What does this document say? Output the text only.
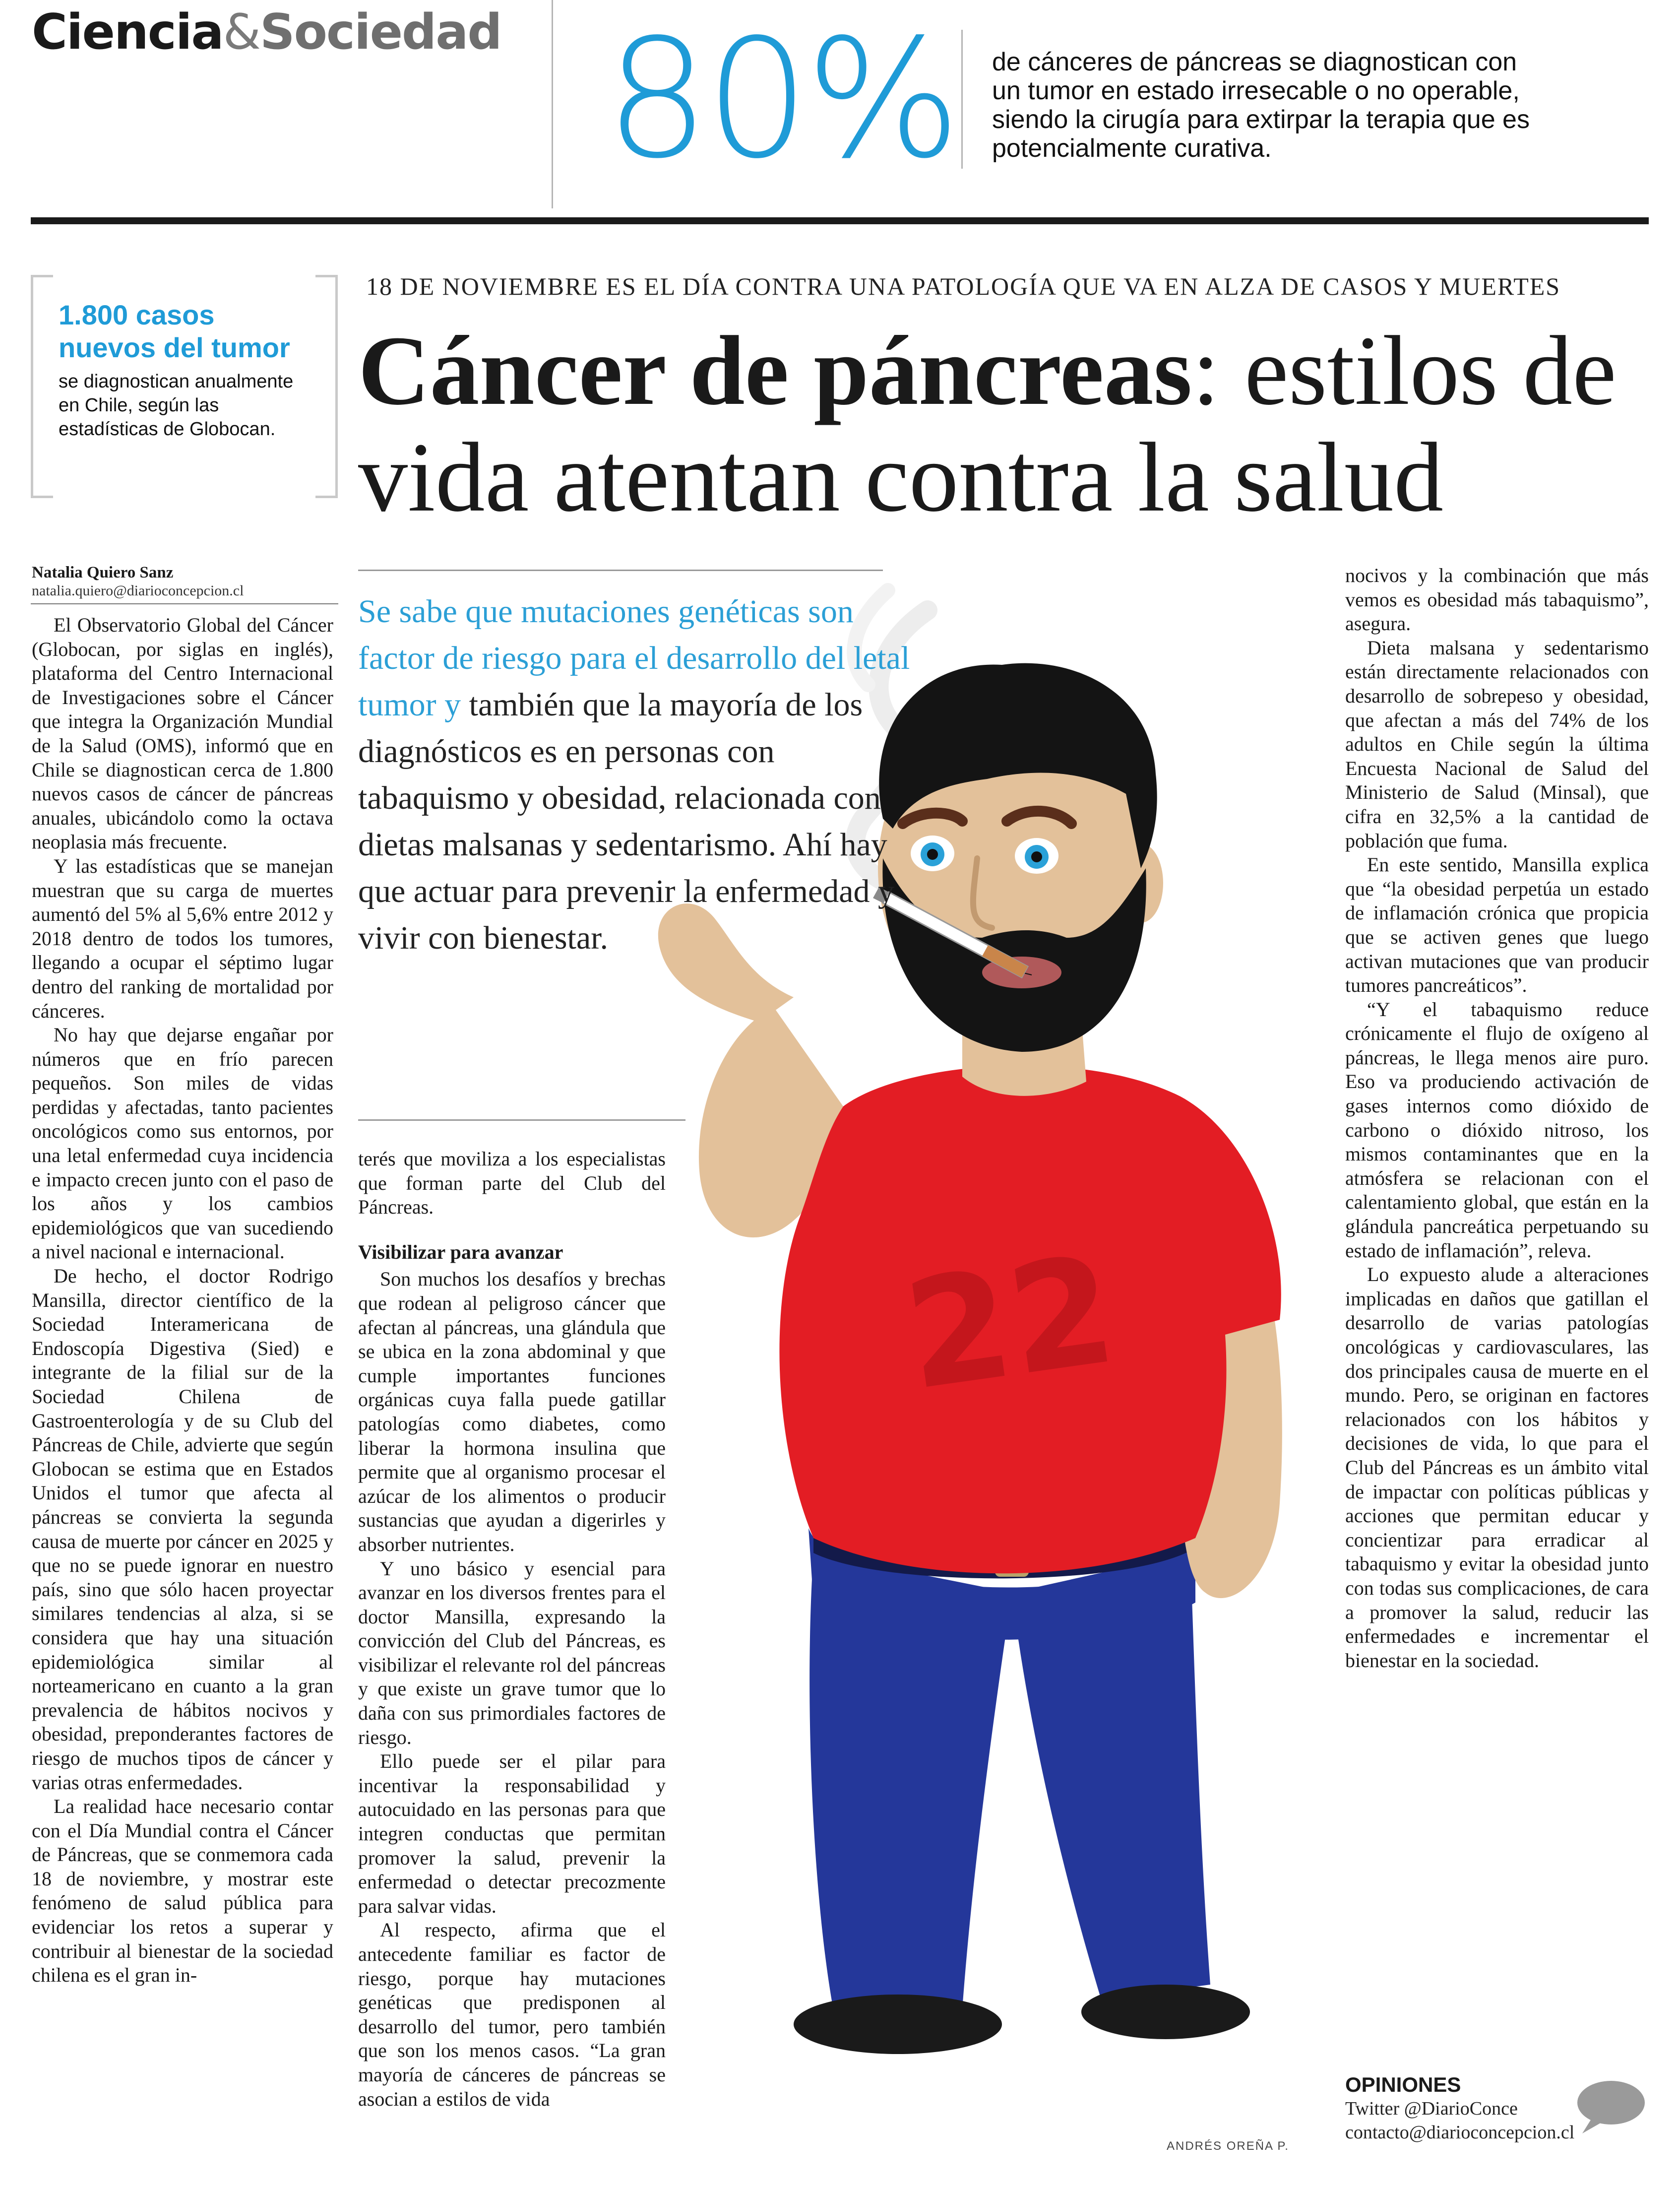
Ciencia&Sociedad 80% de cánceres de páncreas se diagnostican con un tumor en estado irresecable o no operable, siendo la cirugía para extirpar la terapia que es potencialmente curativa.
1.800 casos
nuevos del tumor
se diagnostican anualmente en Chile, según las estadísticas de Globocan.
18 DE NOVIEMBRE ES EL DÍA CONTRA UNA PATOLOGÍA QUE VA EN ALZA DE CASOS Y MUERTES
Cáncer de páncreas: estilos de vida atentan contra la salud
Natalia Quiero Sanz
natalia.quiero@diarioconcepcion.cl

El Observatorio Global del Cáncer (Globocan, por siglas en inglés), plataforma del Centro Internacional de Investigaciones sobre el Cáncer que integra la Organización Mundial de la Salud (OMS), informó que en Chile se diagnostican cerca de 1.800 nuevos casos de cáncer de páncreas anuales, ubicándolo como la octava neoplasia más frecuente.

Y las estadísticas que se manejan muestran que su carga de muertes aumentó del 5% al 5,6% entre 2012 y 2018 dentro de todos los tumores, llegando a ocupar el séptimo lugar dentro del ranking de mortalidad por cánceres.

No hay que dejarse engañar por números que en frío parecen pequeños. Son miles de vidas perdidas y afectadas, tanto pacientes oncológicos como sus entornos, por una letal enfermedad cuya incidencia e impacto crecen junto con el paso de los años y los cambios epidemiológicos que van sucediendo a nivel nacional e internacional.

De hecho, el doctor Rodrigo Mansilla, director científico de la Sociedad Interamericana de Endoscopía Digestiva (Sied) e integrante de la filial sur de la Sociedad Chilena de Gastroenterología y de su Club del Páncreas de Chile, advierte que según Globocan se estima que en Estados Unidos el tumor que afecta al páncreas se convierta la segunda causa de muerte por cáncer en 2025 y que no se puede ignorar en nuestro país, sino que sólo hacen proyectar similares tendencias al alza, si se considera que hay una situación epidemiológica similar al norteamericano en cuanto a la gran prevalencia de hábitos nocivos y obesidad, preponderantes factores de riesgo de muchos tipos de cáncer y varias otras enfermedades.

La realidad hace necesario contar con el Día Mundial contra el Cáncer de Páncreas, que se conmemora cada 18 de noviembre, y mostrar este fenómeno de salud pública para evidenciar los retos a superar y contribuir al bienestar de la sociedad chilena es el gran in-

22
Se sabe que mutaciones genéticas son factor de riesgo para el desarrollo del letal tumor y también que la mayoría de los diagnósticos es en personas con tabaquismo y obesidad, relacionada con dietas malsanas y sedentarismo. Ahí hay que actuar para prevenir la enfermedad y vivir con bienestar.

terés que moviliza a los especialistas que forman parte del Club del Páncreas.

Visibilizar para avanzar

Son muchos los desafíos y brechas que rodean al peligroso cáncer que afectan al páncreas, una glándula que se ubica en la zona abdominal y que cumple importantes funciones orgánicas cuya falla puede gatillar patologías como diabetes, como liberar la hormona insulina que permite que al organismo procesar el azúcar de los alimentos o producir sustancias que ayudan a digerirles y absorber nutrientes.

Y uno básico y esencial para avanzar en los diversos frentes para el doctor Mansilla, expresando la convicción del Club del Páncreas, es visibilizar el relevante rol del páncreas y que existe un grave tumor que lo daña con sus primordiales factores de riesgo.

Ello puede ser el pilar para incentivar la responsabilidad y autocuidado en las personas para que integren conductas que permitan promover la salud, prevenir la enfermedad o detectar precozmente para salvar vidas.

Al respecto, afirma que el antecedente familiar es factor de riesgo, porque hay mutaciones genéticas que predisponen al desarrollo del tumor, pero también que son los menos casos. “La gran mayoría de cánceres de páncreas se asocian a estilos de vida

nocivos y la combinación que más vemos es obesidad más tabaquismo”, asegura.

Dieta malsana y sedentarismo están directamente relacionados con desarrollo de sobrepeso y obesidad, que afectan a más del 74% de los adultos en Chile según la última Encuesta Nacional de Salud del Ministerio de Salud (Minsal), que cifra en 32,5% a la cantidad de población que fuma.

En este sentido, Mansilla explica que “la obesidad perpetúa un estado de inflamación crónica que propicia que se activen genes que luego activan mutaciones que van producir tumores pancreáticos”.

“Y el tabaquismo reduce crónicamente el flujo de oxígeno al páncreas, le llega menos aire puro. Eso va produciendo activación de gases internos como dióxido de carbono o dióxido nitroso, los mismos contaminantes que en la atmósfera se relacionan con el calentamiento global, que están en la glándula pancreática perpetuando su estado de inflamación”, releva.

Lo expuesto alude a alteraciones implicadas en daños que gatillan el desarrollo de varias patologías oncológicas y cardiovasculares, las dos principales causa de muerte en el mundo. Pero, se originan en factores relacionados con los hábitos y decisiones de vida, lo que para el Club del Páncreas es un ámbito vital de impactar con políticas públicas y acciones que permitan educar y concientizar para erradicar al tabaquismo y evitar la obesidad junto con todas sus complicaciones, de cara a promover la salud, reducir las enfermedades e incrementar el bienestar en la sociedad.

ANDRÉS OREÑA P.
OPINIONES
Twitter @DiarioConce
contacto@diarioconcepcion.cl
